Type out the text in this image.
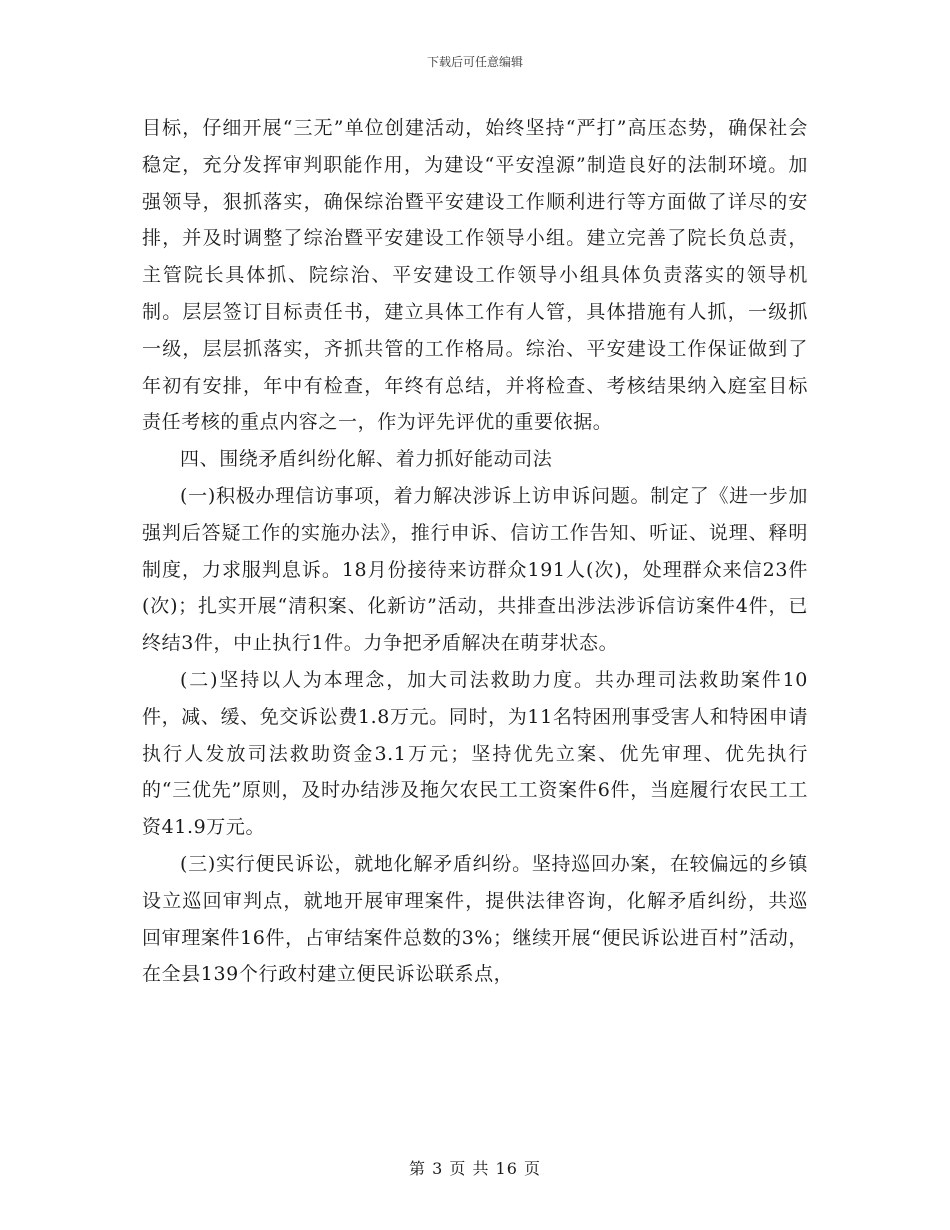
下载后可任意编辑

目标，仔细开展“三无”单位创建活动，始终坚持“严打”高压态势，确保社会稳定，充分发挥审判职能作用，为建设“平安湟源”制造良好的法制环境。加强领导，狠抓落实，确保综治暨平安建设工作顺利进行等方面做了详尽的安排，并及时调整了综治暨平安建设工作领导小组。建立完善了院长负总责，主管院长具体抓、院综治、平安建设工作领导小组具体负责落实的领导机制。层层签订目标责任书，建立具体工作有人管，具体措施有人抓，一级抓一级，层层抓落实，齐抓共管的工作格局。综治、平安建设工作保证做到了年初有安排，年中有检查，年终有总结，并将检查、考核结果纳入庭室目标责任考核的重点内容之一，作为评先评优的重要依据。

四、围绕矛盾纠纷化解、着力抓好能动司法

(一)积极办理信访事项，着力解决涉诉上访申诉问题。制定了《进一步加强判后答疑工作的实施办法》，推行申诉、信访工作告知、听证、说理、释明制度，力求服判息诉。18月份接待来访群众191人(次)，处理群众来信23件(次)；扎实开展“清积案、化新访”活动，共排查出涉法涉诉信访案件4件，已终结3件，中止执行1件。力争把矛盾解决在萌芽状态。

(二)坚持以人为本理念，加大司法救助力度。共办理司法救助案件10件，减、缓、免交诉讼费1.8万元。同时，为11名特困刑事受害人和特困申请执行人发放司法救助资金3.1万元；坚持优先立案、优先审理、优先执行的“三优先”原则，及时办结涉及拖欠农民工工资案件6件，当庭履行农民工工资41.9万元。

(三)实行便民诉讼，就地化解矛盾纠纷。坚持巡回办案，在较偏远的乡镇设立巡回审判点，就地开展审理案件，提供法律咨询，化解矛盾纠纷，共巡回审理案件16件，占审结案件总数的3%；继续开展“便民诉讼进百村”活动，在全县139个行政村建立便民诉讼联系点，

第 3 页 共 16 页
